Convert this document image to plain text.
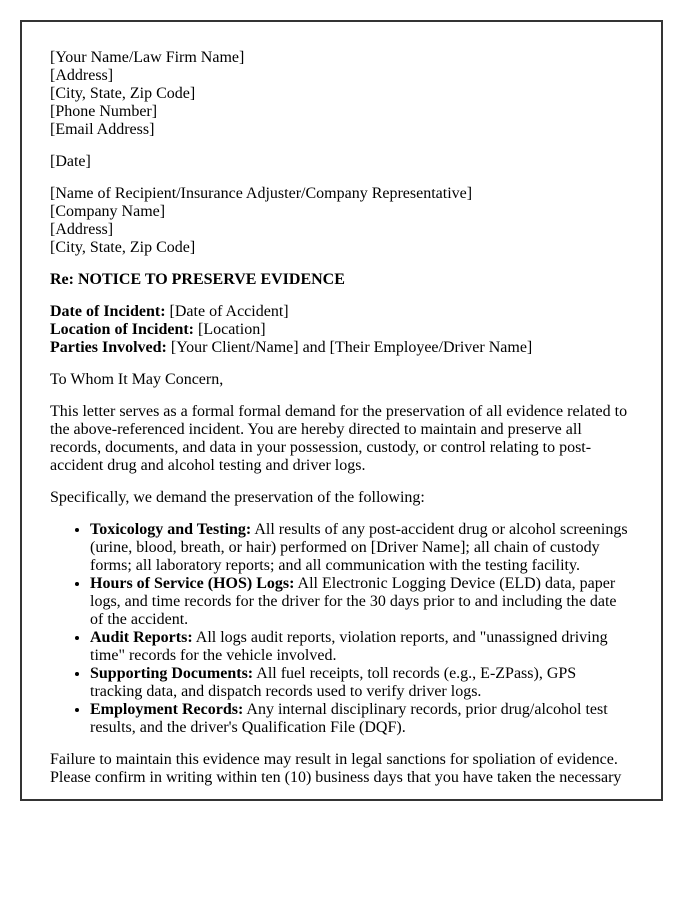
[Your Name/Law Firm Name]
[Address]
[City, State, Zip Code]
[Phone Number]
[Email Address]

[Date]

[Name of Recipient/Insurance Adjuster/Company Representative]
[Company Name]
[Address]
[City, State, Zip Code]

Re: NOTICE TO PRESERVE EVIDENCE

Date of Incident: [Date of Accident]
Location of Incident: [Location]
Parties Involved: [Your Client/Name] and [Their Employee/Driver Name]

To Whom It May Concern,

This letter serves as a formal formal demand for the preservation of all evidence related to the above-referenced incident. You are hereby directed to maintain and preserve all records, documents, and data in your possession, custody, or control relating to post-accident drug and alcohol testing and driver logs.

Specifically, we demand the preservation of the following:

• Toxicology and Testing: All results of any post-accident drug or alcohol screenings (urine, blood, breath, or hair) performed on [Driver Name]; all chain of custody forms; all laboratory reports; and all communication with the testing facility.
• Hours of Service (HOS) Logs: All Electronic Logging Device (ELD) data, paper logs, and time records for the driver for the 30 days prior to and including the date of the accident.
• Audit Reports: All logs audit reports, violation reports, and "unassigned driving time" records for the vehicle involved.
• Supporting Documents: All fuel receipts, toll records (e.g., E-ZPass), GPS tracking data, and dispatch records used to verify driver logs.
• Employment Records: Any internal disciplinary records, prior drug/alcohol test results, and the driver's Qualification File (DQF).

Failure to maintain this evidence may result in legal sanctions for spoliation of evidence. Please confirm in writing within ten (10) business days that you have taken the necessary
